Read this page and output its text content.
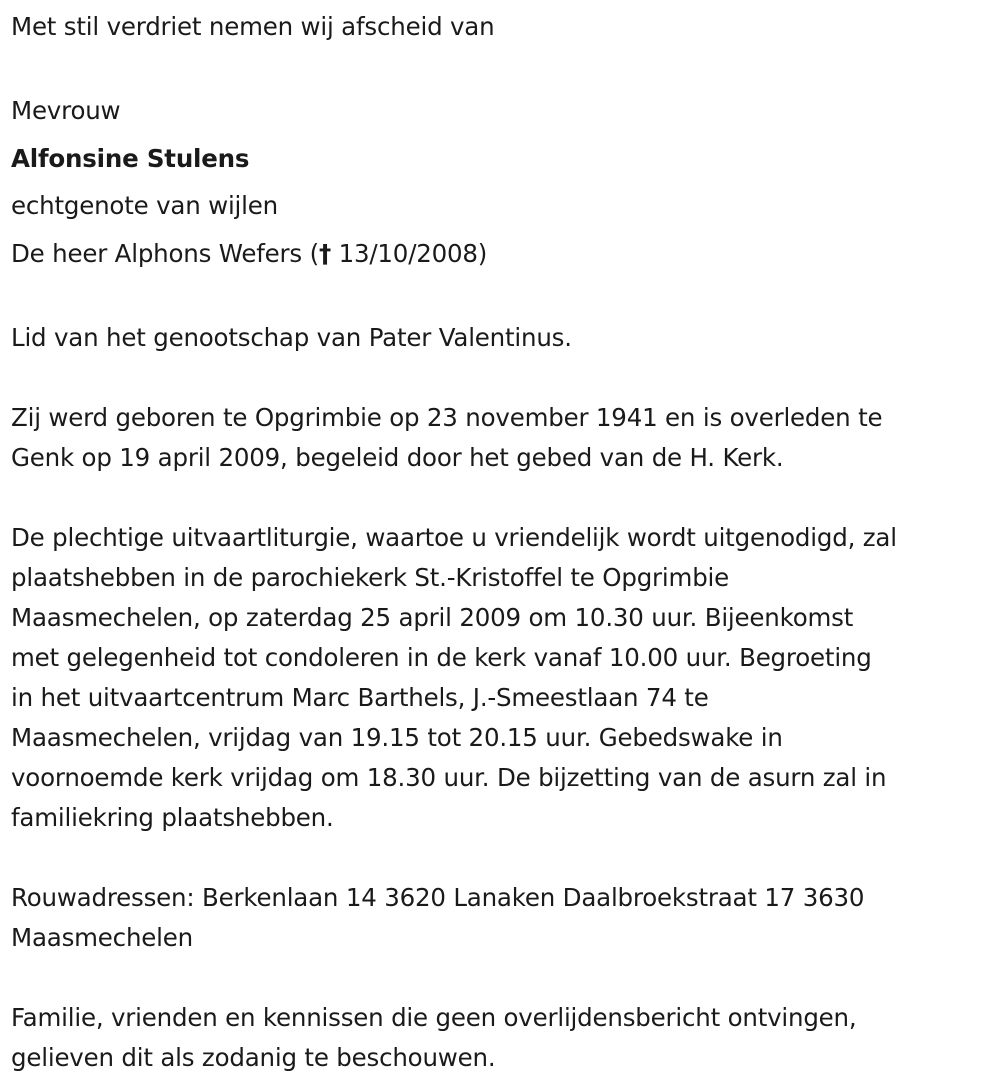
Met stil verdriet nemen wij afscheid van

Mevrouw

Alfonsine Stulens

echtgenote van wijlen

De heer Alphons Wefers († 13/10/2008)

Lid van het genootschap van Pater Valentinus.

Zij werd geboren te Opgrimbie op 23 november 1941 en is overleden te

Genk op 19 april 2009, begeleid door het gebed van de H. Kerk.

De plechtige uitvaartliturgie, waartoe u vriendelijk wordt uitgenodigd, zal

plaatshebben in de parochiekerk St.-Kristoffel te Opgrimbie

Maasmechelen, op zaterdag 25 april 2009 om 10.30 uur. Bijeenkomst

met gelegenheid tot condoleren in de kerk vanaf 10.00 uur. Begroeting

in het uitvaartcentrum Marc Barthels, J.-Smeestlaan 74 te

Maasmechelen, vrijdag van 19.15 tot 20.15 uur. Gebedswake in

voornoemde kerk vrijdag om 18.30 uur. De bijzetting van de asurn zal in

familiekring plaatshebben.

Rouwadressen: Berkenlaan 14 3620 Lanaken Daalbroekstraat 17 3630

Maasmechelen

Familie, vrienden en kennissen die geen overlijdensbericht ontvingen,

gelieven dit als zodanig te beschouwen.
